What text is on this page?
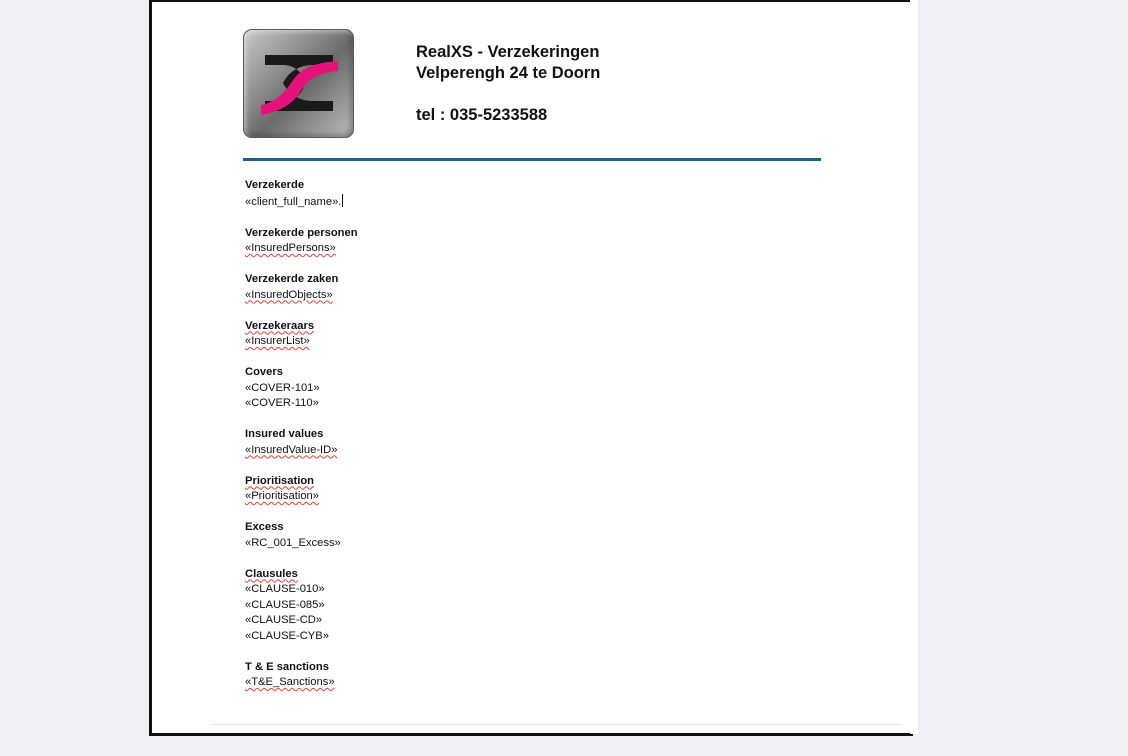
RealXS - Verzekeringen
Velperengh 24 te Doorn
tel : 035-5233588
Verzekerde
«client_full_name».
Verzekerde personen
«InsuredPersons»
Verzekerde zaken
«InsuredObjects»
Verzekeraars
«InsurerList»
Covers
«COVER-101»
«COVER-110»
Insured values
«InsuredValue-ID»
Prioritisation
«Prioritisation»
Excess
«RC_001_Excess»
Clausules
«CLAUSE-010»
«CLAUSE-085»
«CLAUSE-CD»
«CLAUSE-CYB»
T & E sanctions
«T&E_Sanctions»
